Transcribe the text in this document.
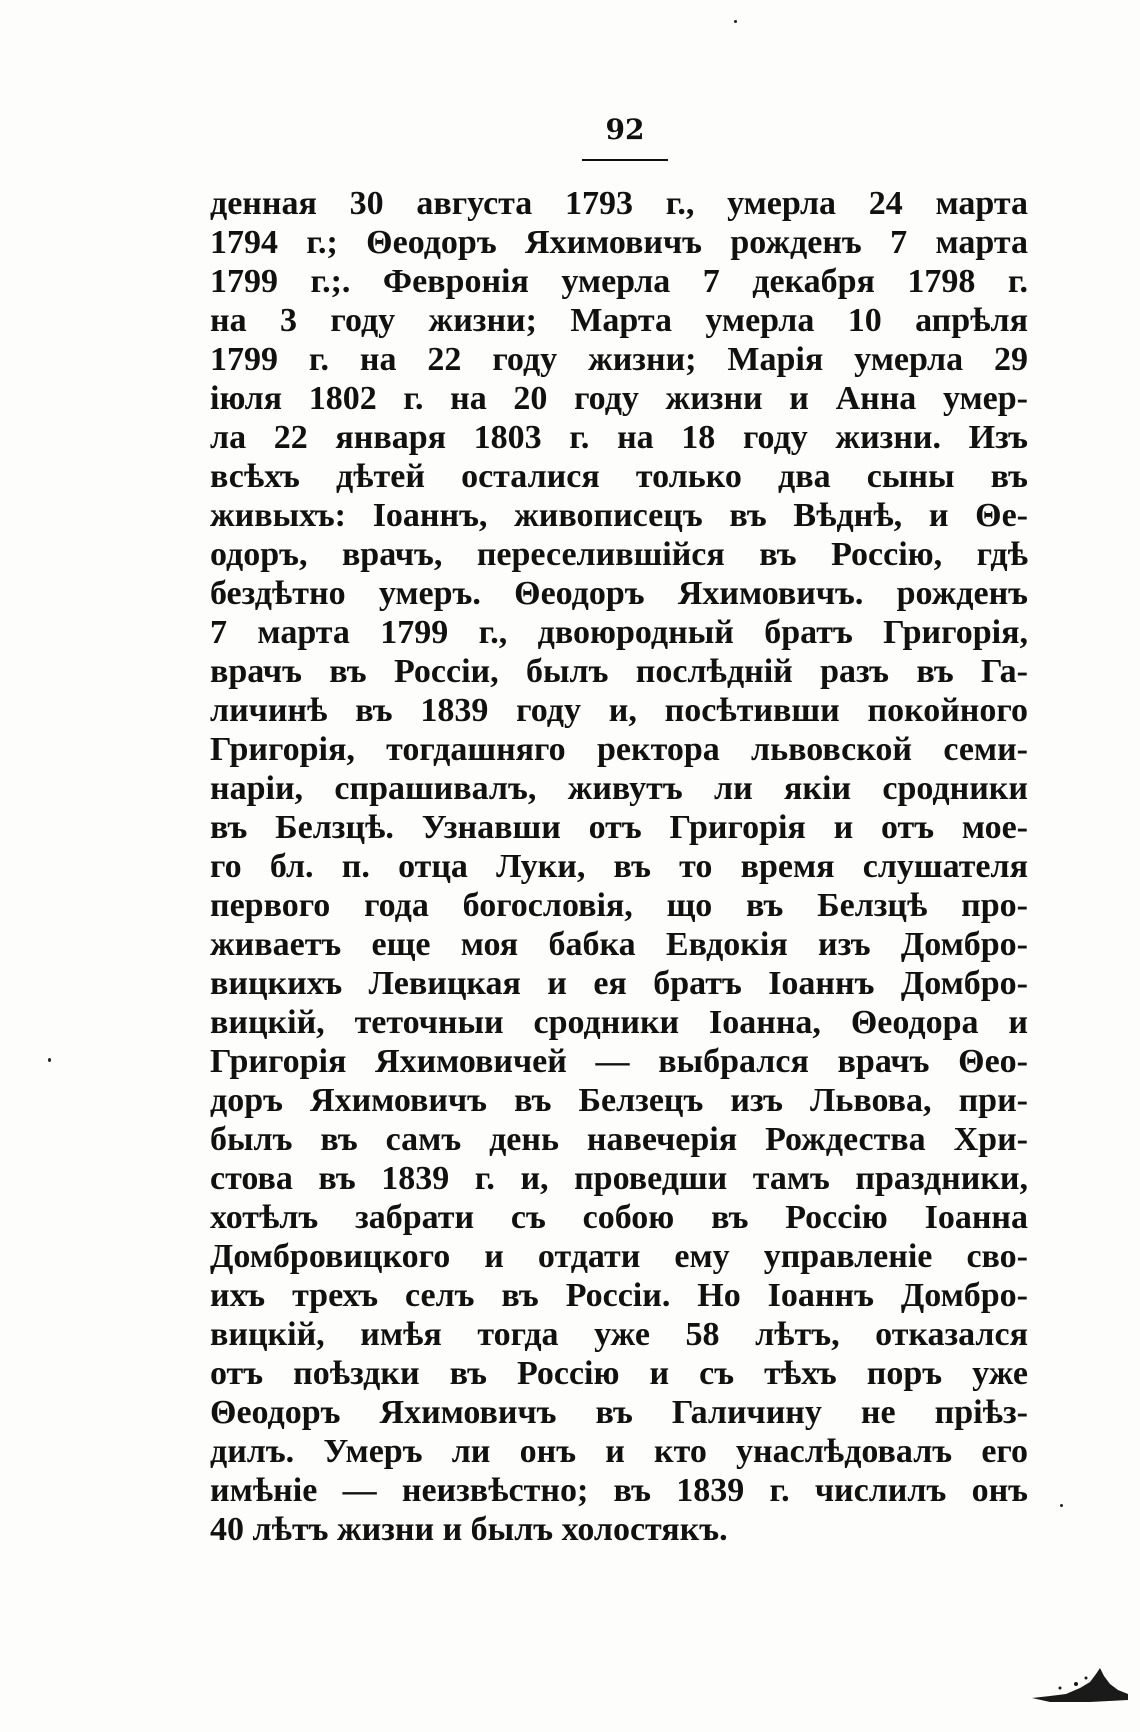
92
денная 30 августа 1793 г., умерла 24 марта
1794 г.; Θеодоръ Яхимовичъ рожденъ 7 марта
1799 г.;. Февронія умерла 7 декабря 1798 г.
на 3 году жизни; Марта умерла 10 апрѣля
1799 г. на 22 году жизни; Марія умерла 29
іюля 1802 г. на 20 году жизни и Анна умер-
ла 22 января 1803 г. на 18 году жизни. Изъ
всѣхъ дѣтей осталися только два сыны въ
живыхъ: Іоаннъ, живописецъ въ Вѣднѣ, и Θе-
одоръ, врачъ, переселившійся въ Россію, гдѣ
бездѣтно умеръ. Θеодоръ Яхимовичъ. рожденъ
7 марта 1799 г., двоюродный братъ Григорія,
врачъ въ Россіи, былъ послѣдній разъ въ Га-
личинѣ въ 1839 году и, посѣтивши покойного
Григорія, тогдашняго ректора львовской семи-
наріи, спрашивалъ, живутъ ли якіи сродники
въ Белзцѣ. Узнавши отъ Григорія и отъ мое-
го бл. п. отца Луки, въ то время слушателя
первого года богословія, що въ Белзцѣ про-
живаетъ еще моя бабка Евдокія изъ Домбро-
вицкихъ Левицкая и ея братъ Іоаннъ Домбро-
вицкій, теточныи сродники Іоанна, Θеодора и
Григорія Яхимовичей — выбрался врачъ Θео-
доръ Яхимовичъ въ Белзецъ изъ Львова, при-
былъ въ самъ день навечерія Рождества Хри-
стова въ 1839 г. и, проведши тамъ праздники,
хотѣлъ забрати съ собою въ Россію Іоанна
Домбровицкого и отдати ему управленіе сво-
ихъ трехъ селъ въ Россіи. Но Іоаннъ Домбро-
вицкій, имѣя тогда уже 58 лѣтъ, отказался
отъ поѣздки въ Россію и съ тѣхъ поръ уже
Θеодоръ Яхимовичъ въ Галичину не пріѣз-
дилъ. Умеръ ли онъ и кто унаслѣдовалъ его
имѣніе — неизвѣстно; въ 1839 г. числилъ онъ
40 лѣтъ жизни и былъ холостякъ.
